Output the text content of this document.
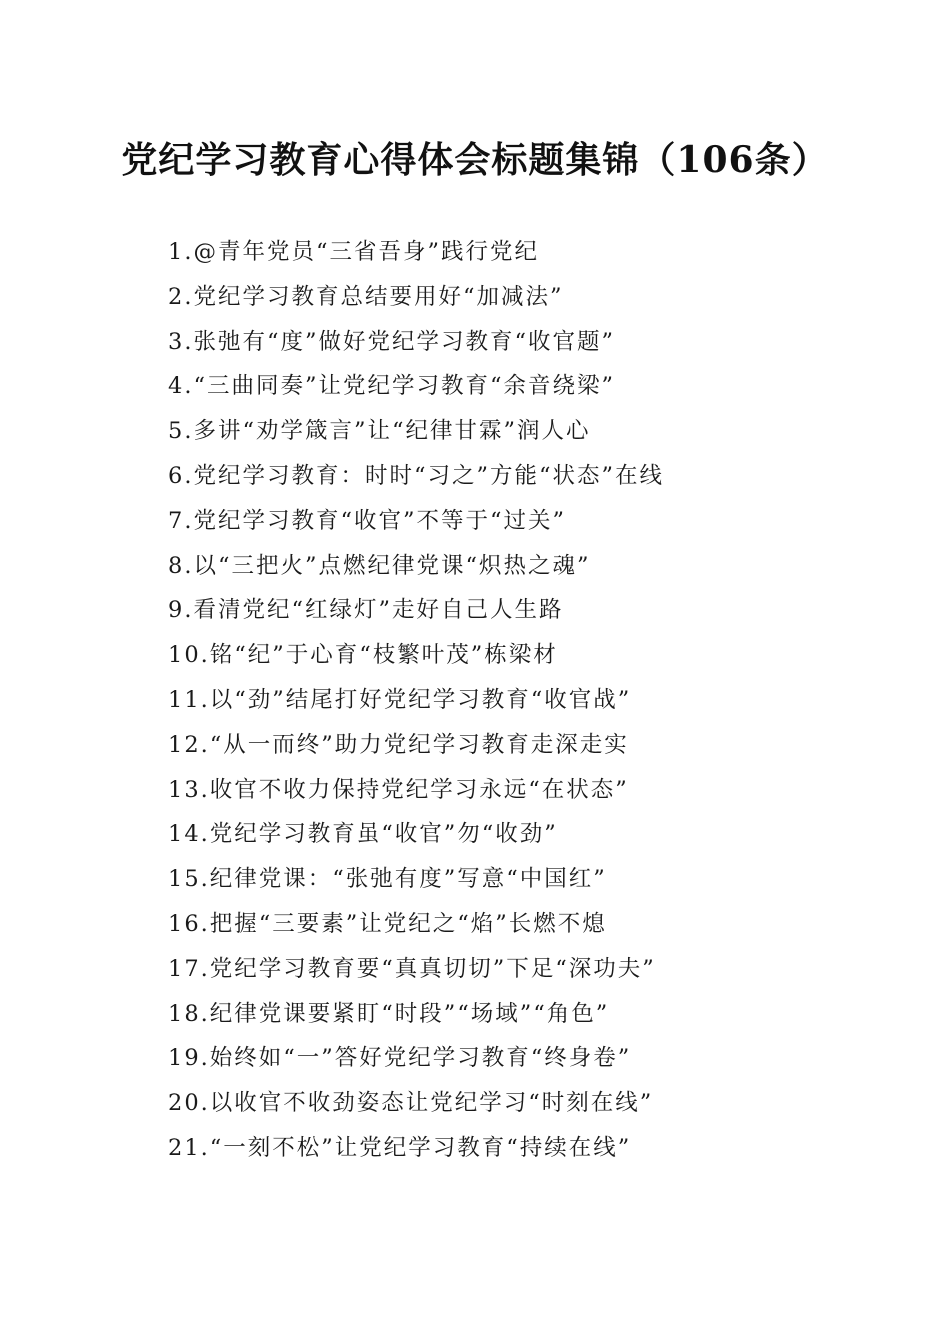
党纪学习教育心得体会标题集锦（106条）
1.@青年党员“三省吾身”践行党纪
2.党纪学习教育总结要用好“加减法”
3.张弛有“度”做好党纪学习教育“收官题”
4.“三曲同奏”让党纪学习教育“余音绕梁”
5.多讲“劝学箴言”让“纪律甘霖”润人心
6.党纪学习教育：时时“习之”方能“状态”在线
7.党纪学习教育“收官”不等于“过关”
8.以“三把火”点燃纪律党课“炽热之魂”
9.看清党纪“红绿灯”走好自己人生路
10.铭“纪”于心育“枝繁叶茂”栋梁材
11.以“劲”结尾打好党纪学习教育“收官战”
12.“从一而终”助力党纪学习教育走深走实
13.收官不收力保持党纪学习永远“在状态”
14.党纪学习教育虽“收官”勿“收劲”
15.纪律党课：“张弛有度”写意“中国红”
16.把握“三要素”让党纪之“焰”长燃不熄
17.党纪学习教育要“真真切切”下足“深功夫”
18.纪律党课要紧盯“时段”“场域”“角色”
19.始终如“一”答好党纪学习教育“终身卷”
20.以收官不收劲姿态让党纪学习“时刻在线”
21.“一刻不松”让党纪学习教育“持续在线”
